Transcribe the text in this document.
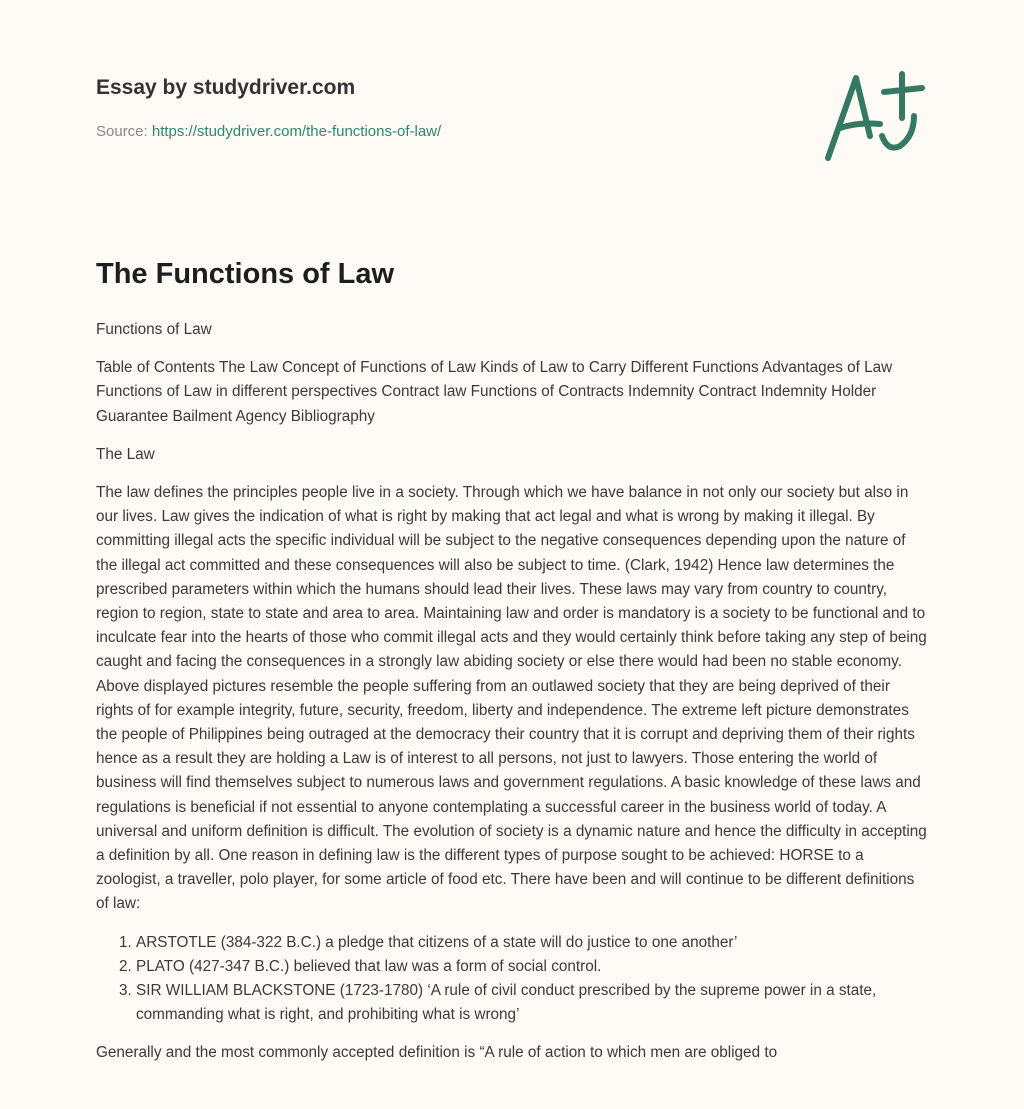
Essay by studydriver.com
Source: https://studydriver.com/the-functions-of-law/
The Functions of Law

Functions of Law

Table of Contents The Law Concept of Functions of Law Kinds of Law to Carry Different Functions Advantages of Law Functions of Law in different perspectives Contract law Functions of Contracts Indemnity Contract Indemnity Holder Guarantee Bailment Agency Bibliography

The Law

The law defines the principles people live in a society. Through which we have balance in not only our society but also in our lives. Law gives the indication of what is right by making that act legal and what is wrong by making it illegal. By committing illegal acts the specific individual will be subject to the negative consequences depending upon the nature of the illegal act committed and these consequences will also be subject to time. (Clark, 1942) Hence law determines the prescribed parameters within which the humans should lead their lives. These laws may vary from country to country, region to region, state to state and area to area. Maintaining law and order is mandatory is a society to be functional and to inculcate fear into the hearts of those who commit illegal acts and they would certainly think before taking any step of being caught and facing the consequences in a strongly law abiding society or else there would had been no stable economy. Above displayed pictures resemble the people suffering from an outlawed society that they are being deprived of their rights of for example integrity, future, security, freedom, liberty and independence. The extreme left picture demonstrates the people of Philippines being outraged at the democracy their country that it is corrupt and depriving them of their rights hence as a result they are holding a Law is of interest to all persons, not just to lawyers. Those entering the world of business will find themselves subject to numerous laws and government regulations. A basic knowledge of these laws and regulations is beneficial if not essential to anyone contemplating a successful career in the business world of today. A universal and uniform definition is difficult. The evolution of society is a dynamic nature and hence the difficulty in accepting a definition by all. One reason in defining law is the different types of purpose sought to be achieved: HORSE to a zoologist, a traveller, polo player, for some article of food etc. There have been and will continue to be different definitions of law:

1. ARSTOTLE (384-322 B.C.) a pledge that citizens of a state will do justice to one another’
2. PLATO (427-347 B.C.) believed that law was a form of social control.
3. SIR WILLIAM BLACKSTONE (1723-1780) ‘A rule of civil conduct prescribed by the supreme power in a state, commanding what is right, and prohibiting what is wrong’

Generally and the most commonly accepted definition is “A rule of action to which men are obliged to
